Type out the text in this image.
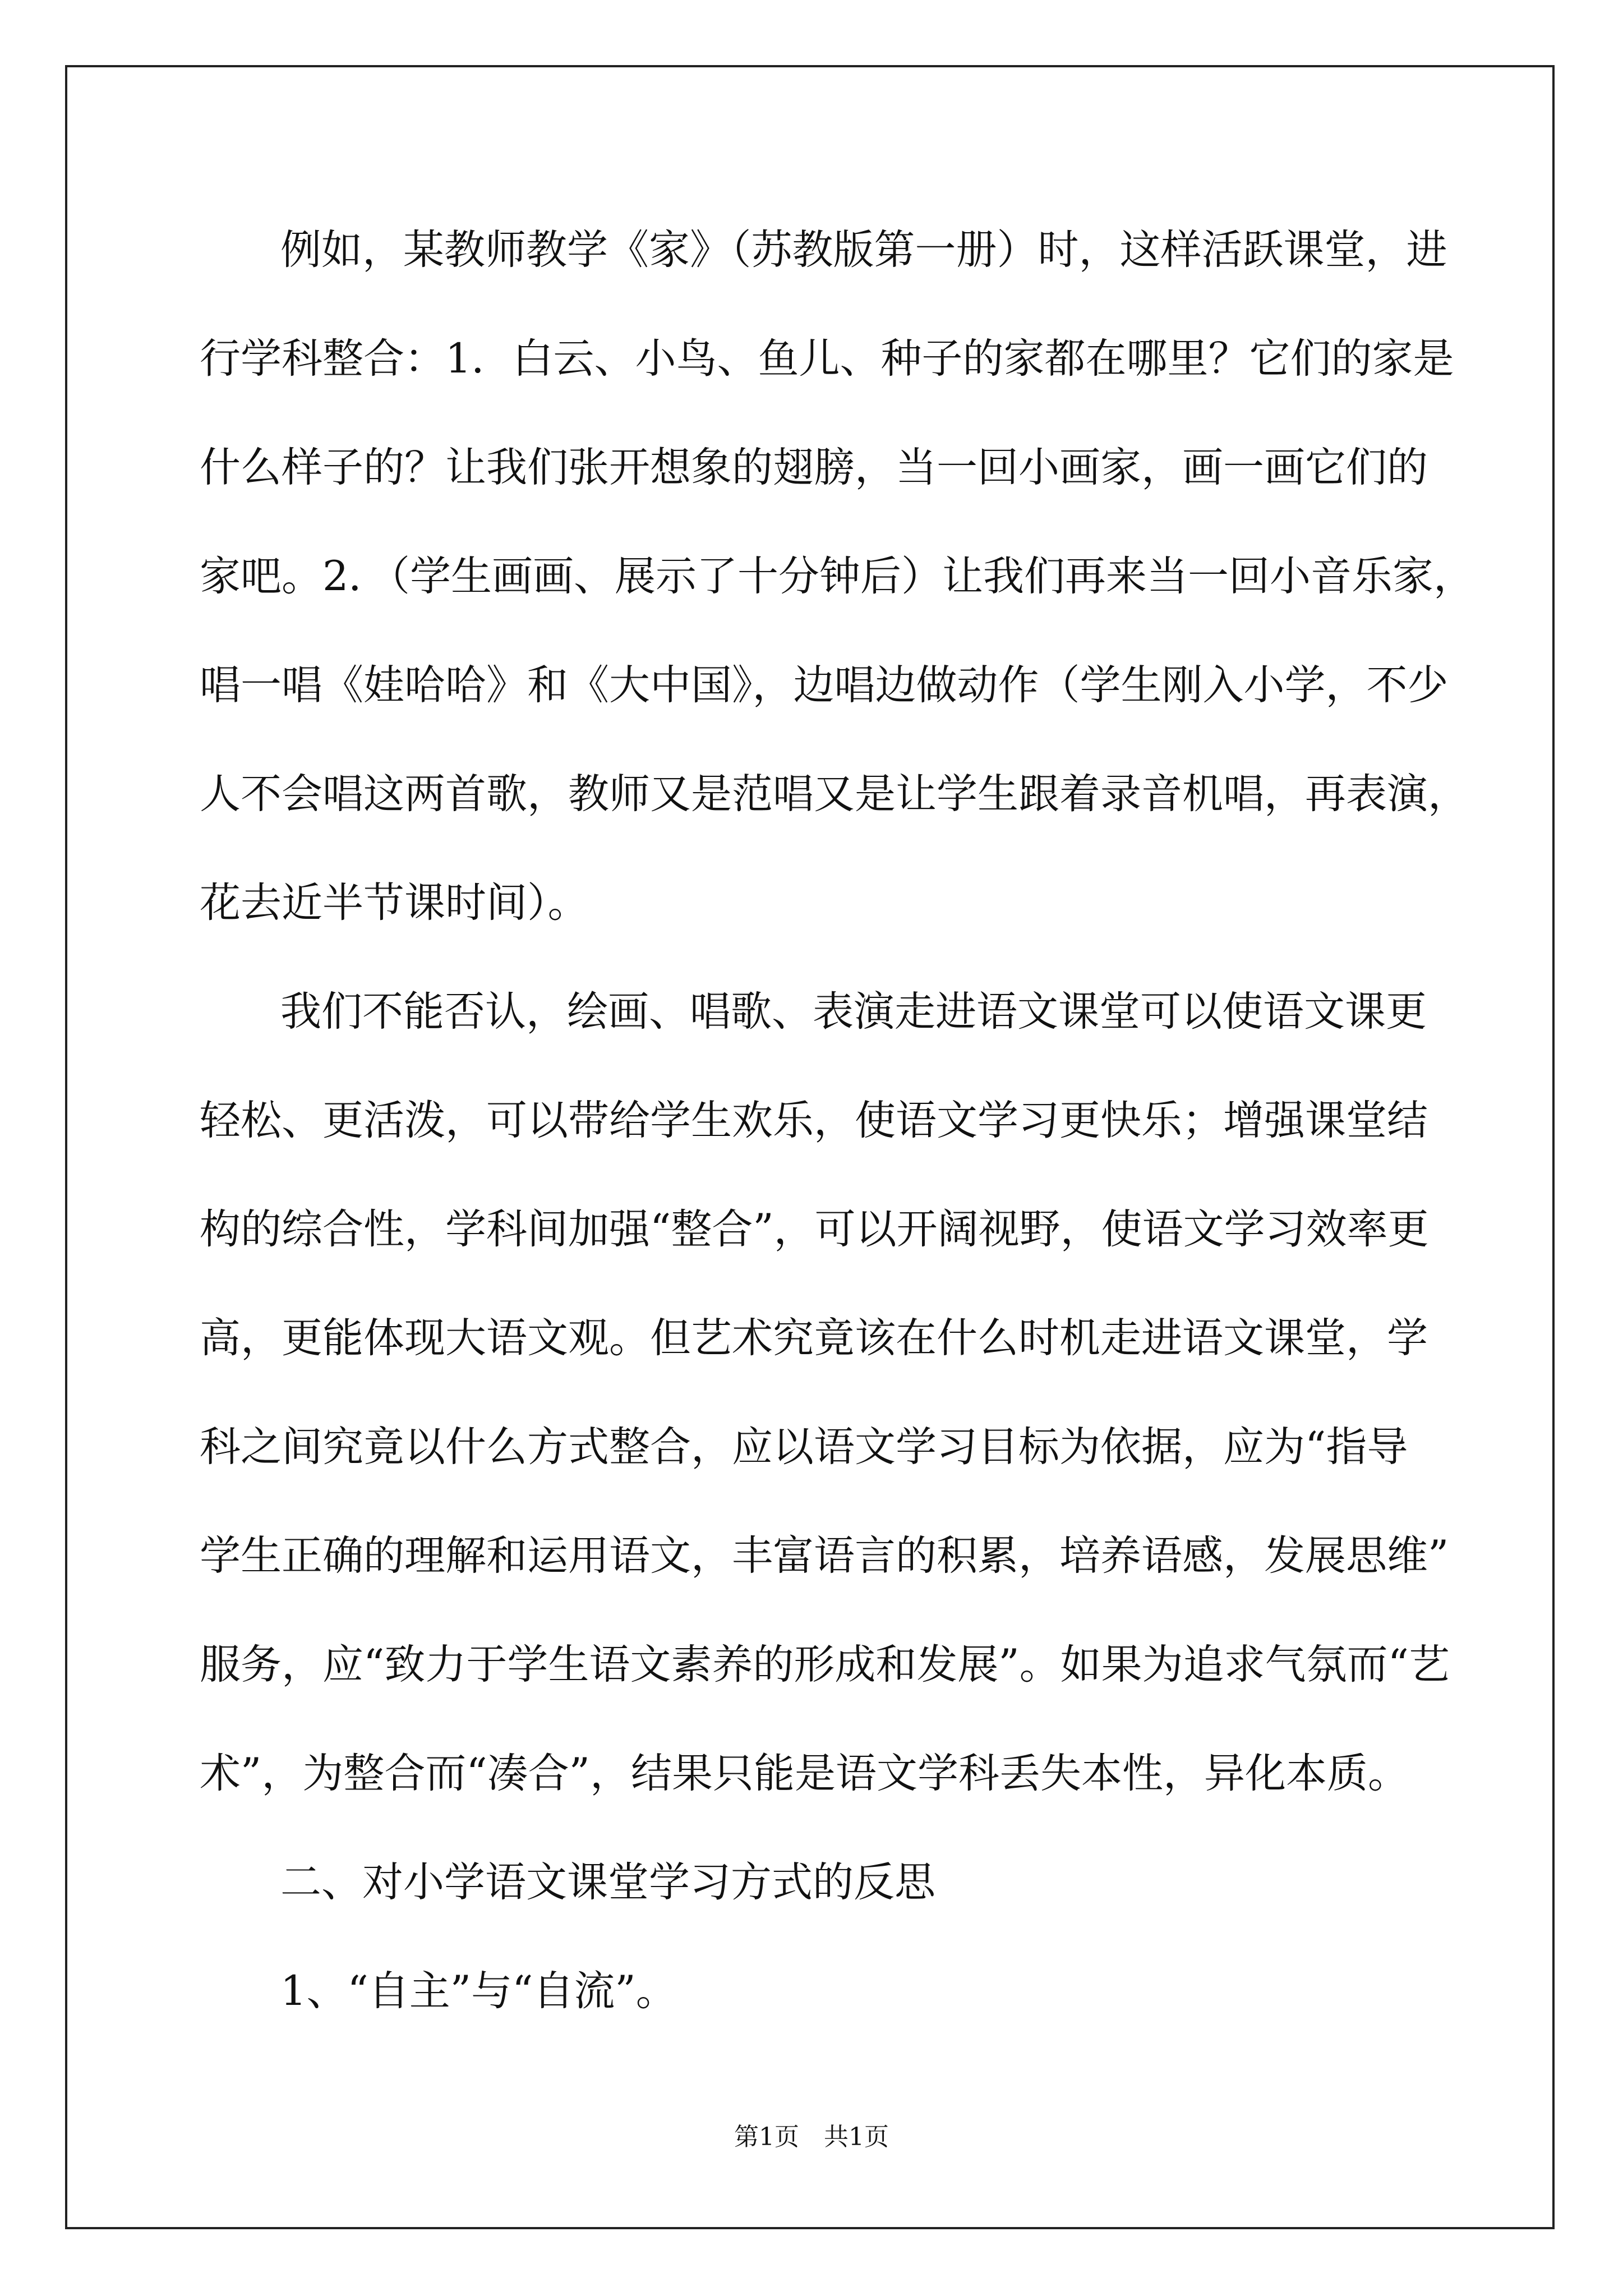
例如，某教师教学《家》（苏教版第一册）时，这样活跃课堂，进
行学科整合：1．白云、小鸟、鱼儿、种子的家都在哪里？它们的家是
什么样子的？让我们张开想象的翅膀，当一回小画家，画一画它们的
家吧。2．（学生画画、展示了十分钟后）让我们再来当一回小音乐家，
唱一唱《娃哈哈》和《大中国》，边唱边做动作（学生刚入小学，不少
人不会唱这两首歌，教师又是范唱又是让学生跟着录音机唱，再表演，
花去近半节课时间）。
我们不能否认，绘画、唱歌、表演走进语文课堂可以使语文课更
轻松、更活泼，可以带给学生欢乐，使语文学习更快乐；增强课堂结
构的综合性，学科间加强“整合”，可以开阔视野，使语文学习效率更
高，更能体现大语文观。但艺术究竟该在什么时机走进语文课堂，学
科之间究竟以什么方式整合，应以语文学习目标为依据，应为“指导
学生正确的理解和运用语文，丰富语言的积累，培养语感，发展思维”
服务，应“致力于学生语文素养的形成和发展”。如果为追求气氛而“艺
术”，为整合而“凑合”，结果只能是语文学科丢失本性，异化本质。
二、对小学语文课堂学习方式的反思
1、“自主”与“自流”。
第1页　共1页
